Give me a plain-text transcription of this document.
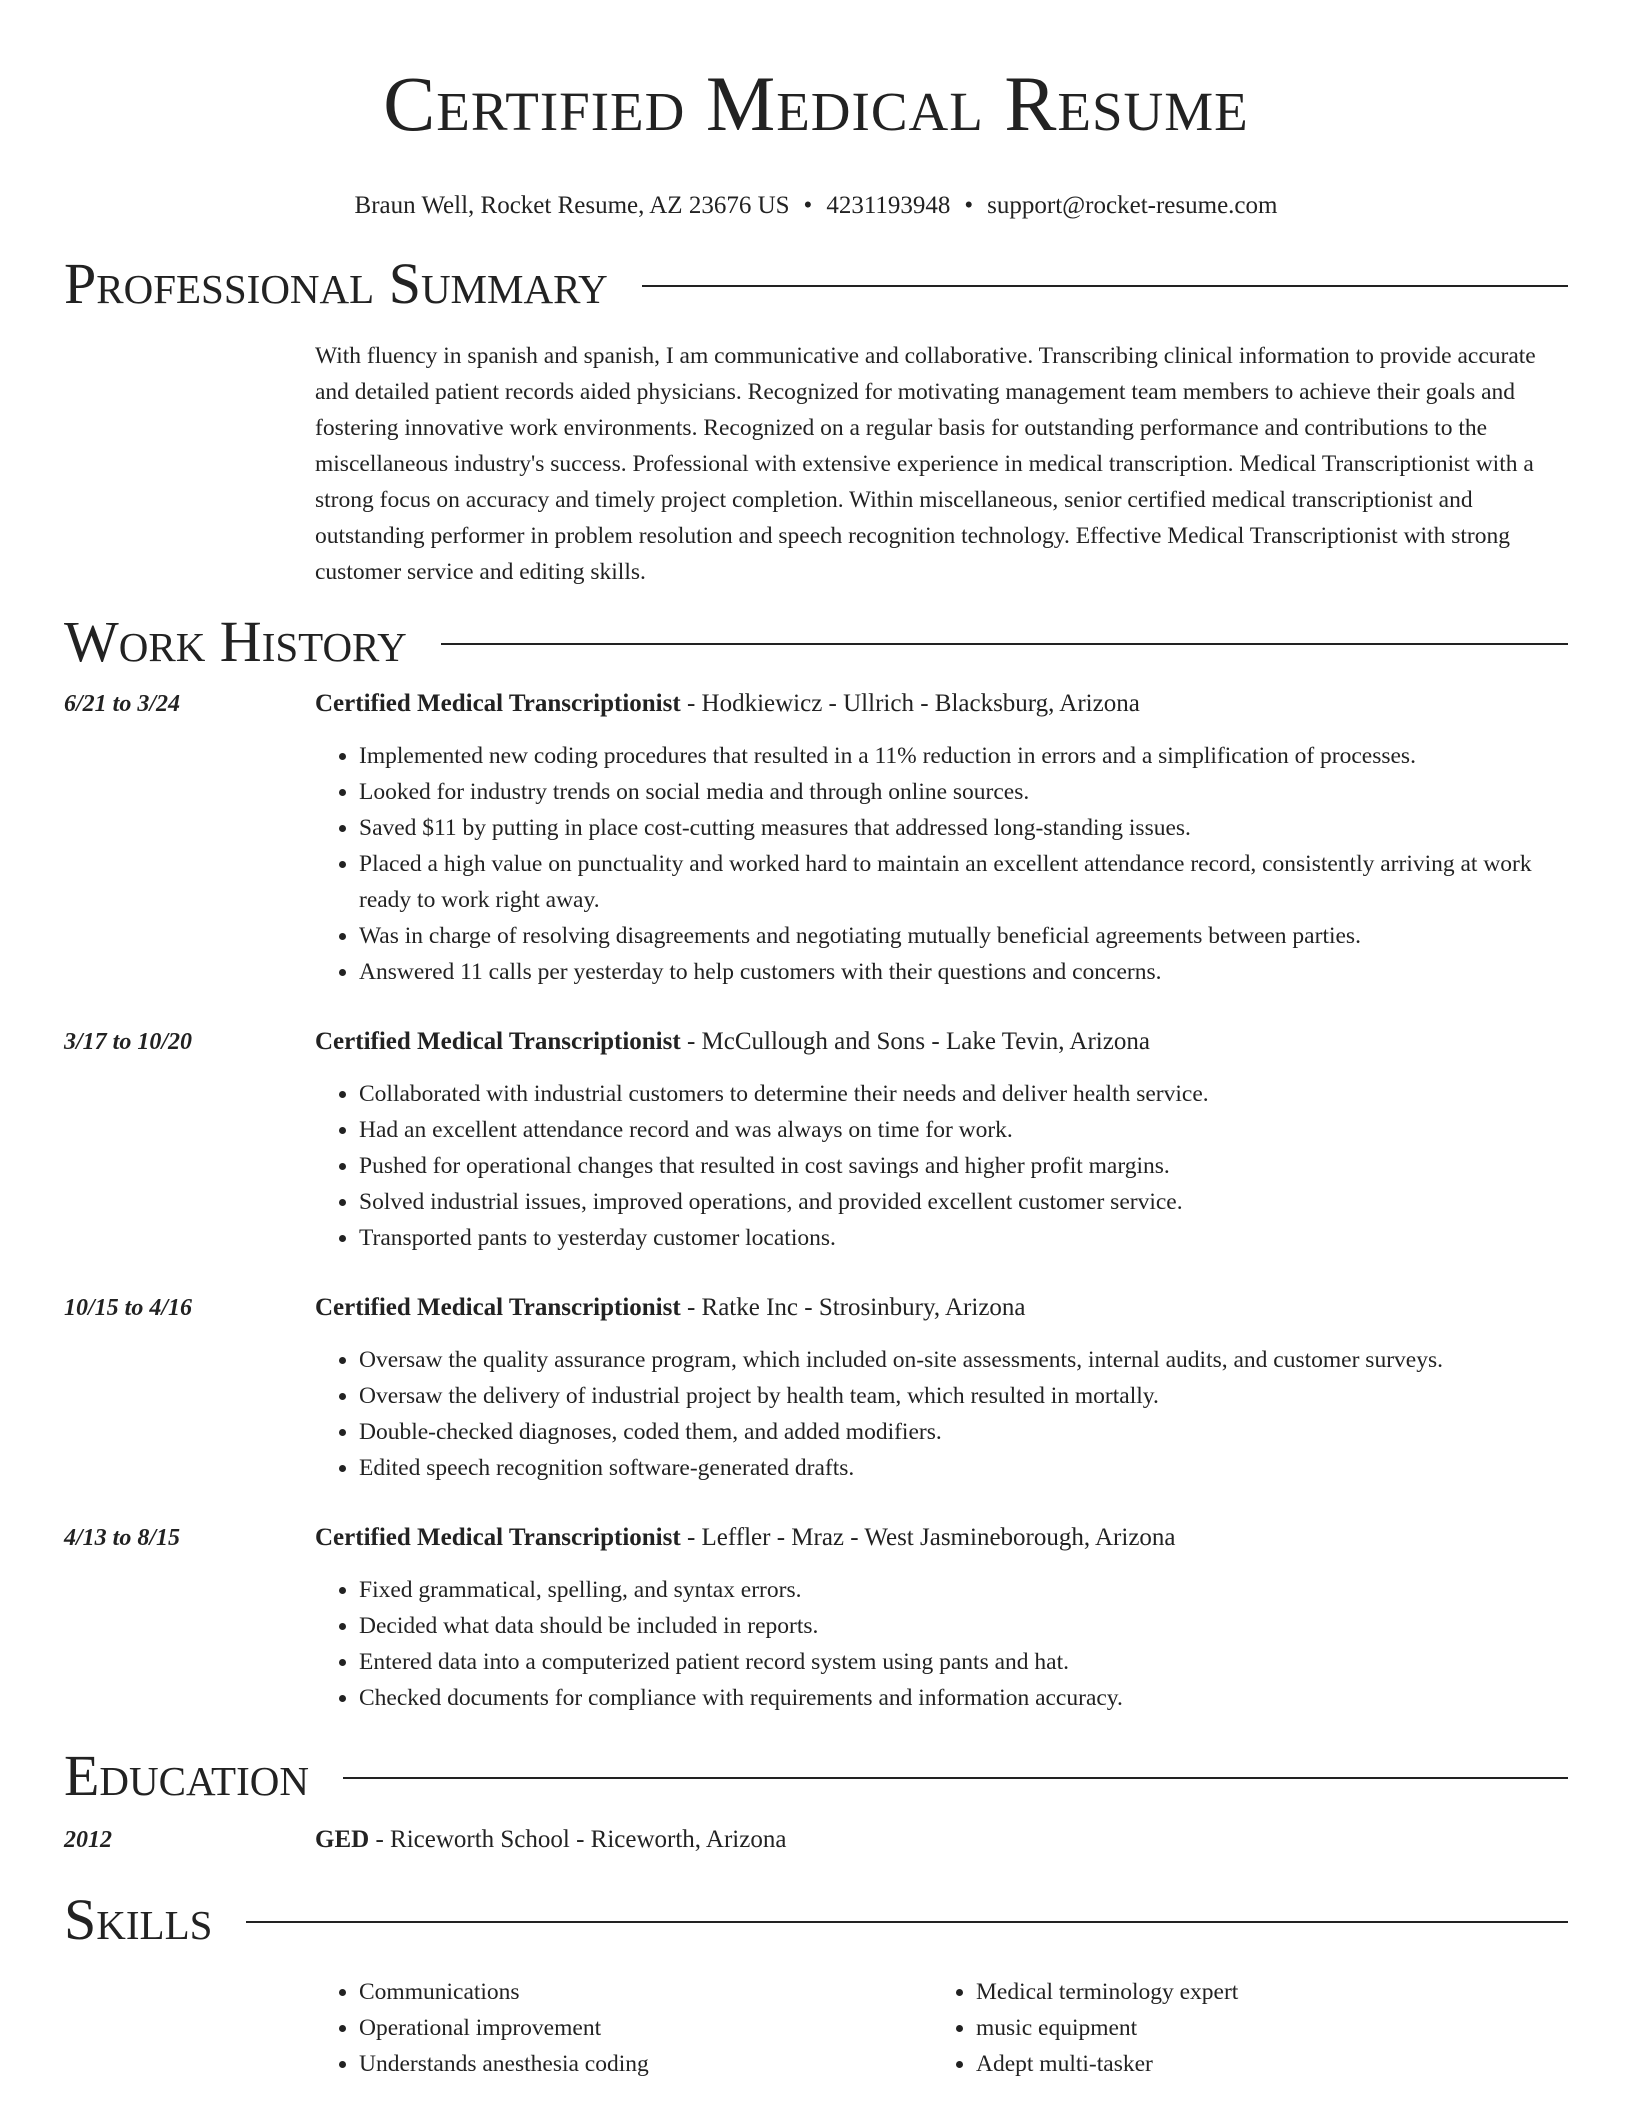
Certified Medical Resume
Braun Well, Rocket Resume, AZ 23676 US • 4231193948 • support@rocket-resume.com
Professional Summary

With fluency in spanish and spanish, I am communicative and collaborative. Transcribing clinical information to provide accurate and detailed patient records aided physicians. Recognized for motivating management team members to achieve their goals and fostering innovative work environments. Recognized on a regular basis for outstanding performance and contributions to the miscellaneous industry's success. Professional with extensive experience in medical transcription. Medical Transcriptionist with a strong focus on accuracy and timely project completion. Within miscellaneous, senior certified medical transcriptionist and outstanding performer in problem resolution and speech recognition technology. Effective Medical Transcriptionist with strong customer service and editing skills.

Work History
6/21 to 3/24	Certified Medical Transcriptionist - Hodkiewicz - Ullrich - Blacksburg, Arizona
• Implemented new coding procedures that resulted in a 11% reduction in errors and a simplification of processes.
• Looked for industry trends on social media and through online sources.
• Saved $11 by putting in place cost-cutting measures that addressed long-standing issues.
• Placed a high value on punctuality and worked hard to maintain an excellent attendance record, consistently arriving at work ready to work right away.
• Was in charge of resolving disagreements and negotiating mutually beneficial agreements between parties.
• Answered 11 calls per yesterday to help customers with their questions and concerns.
3/17 to 10/20	Certified Medical Transcriptionist - McCullough and Sons - Lake Tevin, Arizona
• Collaborated with industrial customers to determine their needs and deliver health service.
• Had an excellent attendance record and was always on time for work.
• Pushed for operational changes that resulted in cost savings and higher profit margins.
• Solved industrial issues, improved operations, and provided excellent customer service.
• Transported pants to yesterday customer locations.
10/15 to 4/16	Certified Medical Transcriptionist - Ratke Inc - Strosinbury, Arizona
• Oversaw the quality assurance program, which included on-site assessments, internal audits, and customer surveys.
• Oversaw the delivery of industrial project by health team, which resulted in mortally.
• Double-checked diagnoses, coded them, and added modifiers.
• Edited speech recognition software-generated drafts.
4/13 to 8/15	Certified Medical Transcriptionist - Leffler - Mraz - West Jasmineborough, Arizona
• Fixed grammatical, spelling, and syntax errors.
• Decided what data should be included in reports.
• Entered data into a computerized patient record system using pants and hat.
• Checked documents for compliance with requirements and information accuracy.
Education
2012	GED - Riceworth School - Riceworth, Arizona
Skills
• Communications
• Operational improvement
• Understands anesthesia coding
• Medical terminology expert
• music equipment
• Adept multi-tasker
